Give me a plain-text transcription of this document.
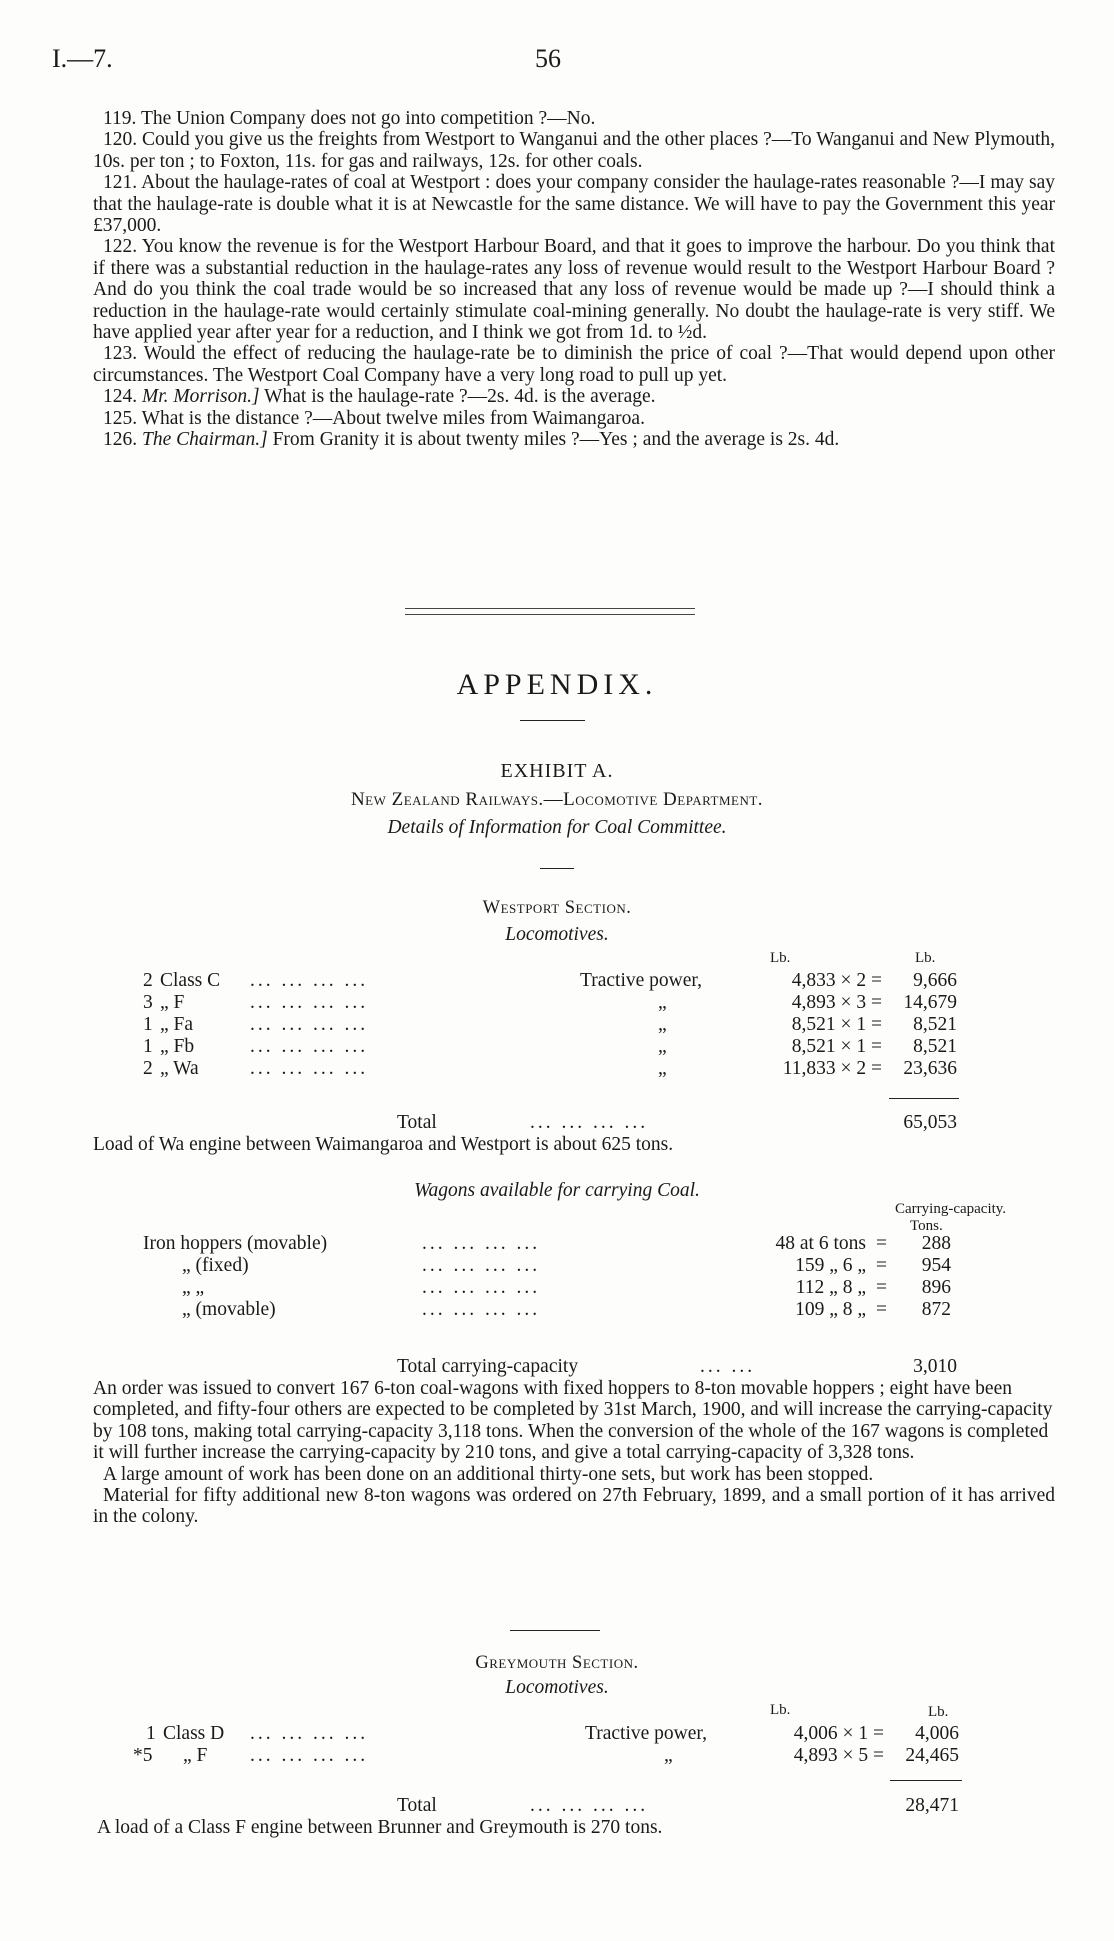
I.—7.	56

119. The Union Company does not go into competition ?—No.

120. Could you give us the freights from Westport to Wanganui and the other places ?—To Wanganui and New Plymouth, 10s. per ton ; to Foxton, 11s. for gas and railways, 12s. for other coals.

121. About the haulage-rates of coal at Westport : does your company consider the haulage-rates reasonable ?—I may say that the haulage-rate is double what it is at Newcastle for the same distance. We will have to pay the Government this year £37,000.

122. You know the revenue is for the Westport Harbour Board, and that it goes to improve the harbour. Do you think that if there was a substantial reduction in the haulage-rates any loss of revenue would result to the Westport Harbour Board ? And do you think the coal trade would be so increased that any loss of revenue would be made up ?—I should think a reduction in the haulage-rate would certainly stimulate coal-mining generally. No doubt the haulage-rate is very stiff. We have applied year after year for a reduction, and I think we got from 1d. to ½d.

123. Would the effect of reducing the haulage-rate be to diminish the price of coal ?—That would depend upon other circumstances. The Westport Coal Company have a very long road to pull up yet.

124. Mr. Morrison.] What is the haulage-rate ?—2s. 4d. is the average.

125. What is the distance ?—About twelve miles from Waimangaroa.

126. The Chairman.] From Granity it is about twenty miles ?—Yes ; and the average is 2s. 4d.

APPENDIX.
EXHIBIT A.
New Zealand Railways.—Locomotive Department.
Details of Information for Coal Committee.
Westport Section.
Locomotives.
Lb.	Lb.
2 Class C ... ... ... ...	Tractive power,	4,833 × 2 = 9,666
3 „ F	... ... ... ...	„	4,893 × 3 = 14,679
1 „ Fa	... ... ... ...	„	8,521 × 1 = 8,521
1 „ Fb	... ... ... ...	„	8,521 × 1 = 8,521
2 „ Wa	... ... ... ...	„	11,833 × 2 = 23,636
Total	... ... ... ...	65,053
Load of Wa engine between Waimangaroa and Westport is about 625 tons.
Wagons available for carrying Coal.
Carrying-capacity.
Tons.
Iron hoppers (movable)	... ... ... ...	48 at 6 tons = 288
„ (fixed)	... ... ... ...	159 „ 6 „ = 954
„ „	... ... ... ...	112 „ 8 „ = 896
„ (movable)	... ... ... ...	109 „ 8 „ = 872
Total carrying-capacity	... ...	3,010

An order was issued to convert 167 6-ton coal-wagons with fixed hoppers to 8-ton movable hoppers ; eight have been completed, and fifty-four others are expected to be completed by 31st March, 1900, and will increase the carrying-capacity by 108 tons, making total carrying-capacity 3,118 tons. When the conversion of the whole of the 167 wagons is completed it will further increase the carrying-capacity by 210 tons, and give a total carrying-capacity of 3,328 tons.

A large amount of work has been done on an additional thirty-one sets, but work has been stopped.

Material for fifty additional new 8-ton wagons was ordered on 27th February, 1899, and a small portion of it has arrived in the colony.

Greymouth Section.
Locomotives.
Lb.	Lb.
1 Class D ... ... ... ...	Tractive power,	4,006 × 1 = 4,006
*5 „ F ... ... ... ...	„	4,893 × 5 = 24,465
Total	... ... ... ...	28,471
A load of a Class F engine between Brunner and Greymouth is 270 tons.
